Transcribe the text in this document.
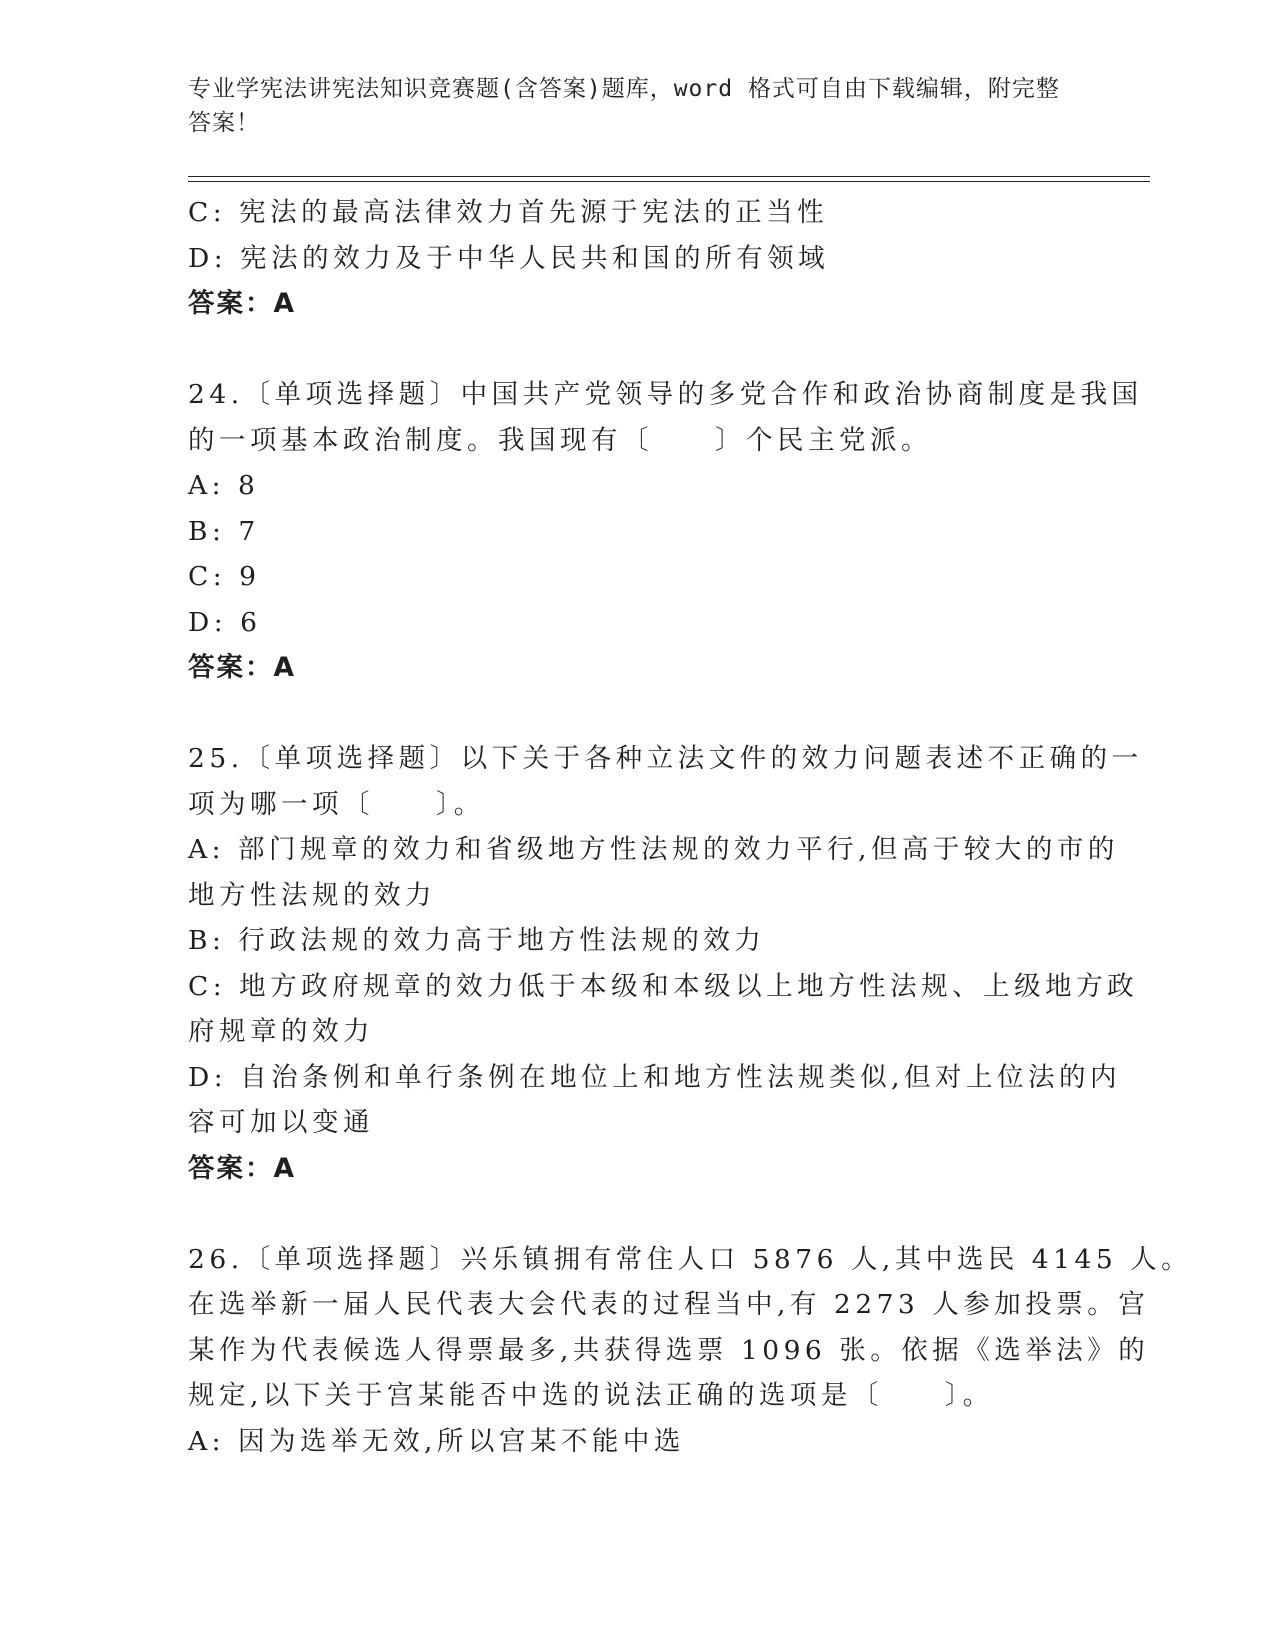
专业学宪法讲宪法知识竞赛题(含答案)题库，word 格式可自由下载编辑，附完整答案！
C: 宪法的最高法律效力首先源于宪法的正当性
D: 宪法的效力及于中华人民共和国的所有领域
答案：A
24.〔单项选择题〕中国共产党领导的多党合作和政治协商制度是我国
的一项基本政治制度。我国现有〔　　〕个民主党派。
A: 8
B: 7
C: 9
D: 6
答案：A
25.〔单项选择题〕以下关于各种立法文件的效力问题表述不正确的一
项为哪一项〔　　〕。
A: 部门规章的效力和省级地方性法规的效力平行,但高于较大的市的
地方性法规的效力
B: 行政法规的效力高于地方性法规的效力
C: 地方政府规章的效力低于本级和本级以上地方性法规、上级地方政
府规章的效力
D: 自治条例和单行条例在地位上和地方性法规类似,但对上位法的内
容可加以变通
答案：A
26.〔单项选择题〕兴乐镇拥有常住人口 5876 人,其中选民 4145 人。
在选举新一届人民代表大会代表的过程当中,有 2273 人参加投票。宫
某作为代表候选人得票最多,共获得选票 1096 张。依据《选举法》的
规定,以下关于宫某能否中选的说法正确的选项是〔　　〕。
A: 因为选举无效,所以宫某不能中选
